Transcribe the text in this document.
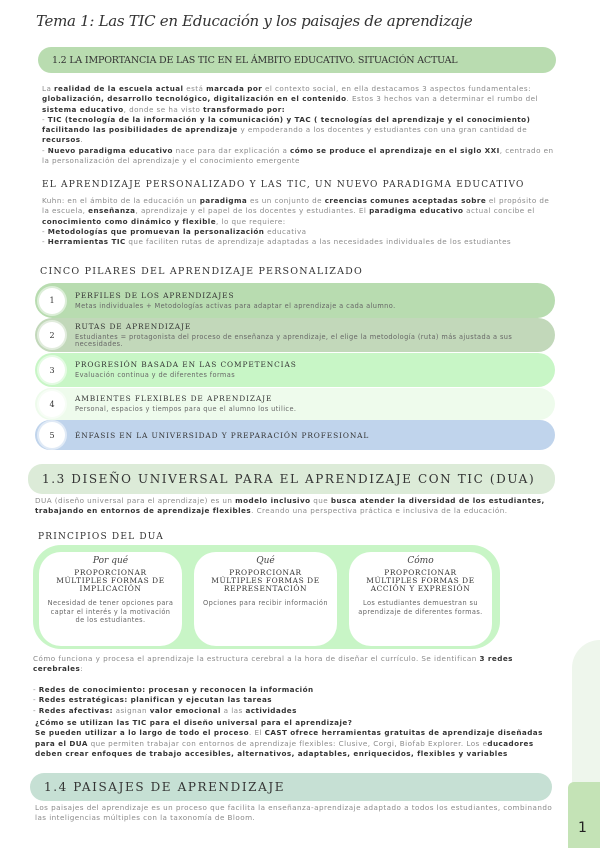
Tema 1: Las TIC en Educación y los paisajes de aprendizaje
1.2 LA IMPORTANCIA DE LAS TIC EN EL ÁMBITO EDUCATIVO. SITUACIÓN ACTUAL
La realidad de la escuela actual está marcada por el contexto social, en ella destacamos 3 aspectos fundamentales: globalización, desarrollo tecnológico, digitalización en el contenido. Estos 3 hechos van a determinar el rumbo del sistema educativo, donde se ha visto transformado por:
- TIC (tecnología de la información y la comunicación) y TAC ( tecnologías del aprendizaje y el conocimiento) facilitando las posibilidades de aprendizaje y empoderando a los docentes y estudiantes con una gran cantidad de recursos.
- Nuevo paradigma educativo nace para dar explicación a cómo se produce el aprendizaje en el siglo XXI, centrado en la personalización del aprendizaje y el conocimiento emergente
EL APRENDIZAJE PERSONALIZADO Y LAS TIC, UN NUEVO PARADIGMA EDUCATIVO
Kuhn: en el ámbito de la educación un paradigma es un conjunto de creencias comunes aceptadas sobre el propósito de la escuela, enseñanza, aprendizaje y el papel de los docentes y estudiantes. El paradigma educativo actual concibe el conocimiento como dinámico y flexible, lo que requiere:
- Metodologías que promuevan la personalización educativa
- Herramientas TIC que faciliten rutas de aprendizaje adaptadas a las necesidades individuales de los estudiantes
CINCO PILARES DEL APRENDIZAJE PERSONALIZADO
1
PERFILES DE LOS APRENDIZAJES
Metas individuales + Metodologías activas para adaptar el aprendizaje a cada alumno.
2
RUTAS DE APRENDIZAJE
Estudiantes = protagonista del proceso de enseñanza y aprendizaje, el elige la metodología (ruta) más ajustada a sus necesidades.
3
PROGRESIÓN BASADA EN LAS COMPETENCIAS
Evaluación continua y de diferentes formas
4
AMBIENTES FLEXIBLES DE APRENDIZAJE
Personal, espacios y tiempos para que el alumno los utilice.
5	ÉNFASIS EN LA UNIVERSIDAD Y PREPARACIÓN PROFESIONAL
1.3 DISEÑO UNIVERSAL PARA EL APRENDIZAJE CON TIC (DUA)
DUA (diseño universal para el aprendizaje) es un modelo inclusivo que busca atender la diversidad de los estudiantes, trabajando en entornos de aprendizaje flexibles. Creando una perspectiva práctica e inclusiva de la educación.
PRINCIPIOS DEL DUA
Por qué
PROPORCIONAR MÚLTIPLES FORMAS DE IMPLICACIÓN
Necesidad de tener opciones para captar el interés y la motivación de los estudiantes.
Qué
PROPORCIONAR MÚLTIPLES FORMAS DE REPRESENTACIÓN
Opciones para recibir información
Cómo
PROPORCIONAR MÚLTIPLES FORMAS DE ACCIÓN Y EXPRESIÓN
Los estudiantes demuestran su aprendizaje de diferentes formas.
Cómo funciona y procesa el aprendizaje la estructura cerebral a la hora de diseñar el currículo. Se identifican 3 redes cerebrales:
- Redes de conocimiento: procesan y reconocen la información
- Redes estratégicas: planifican y ejecutan las tareas
- Redes afectivas: asignan valor emocional a las actividades
¿Cómo se utilizan las TIC para el diseño universal para el aprendizaje?
Se pueden utilizar a lo largo de todo el proceso. El CAST ofrece herramientas gratuitas de aprendizaje diseñadas para el DUA que permiten trabajar con entornos de aprendizaje flexibles: Clusive, Corgi, Biofab Explorer. Los educadores deben crear enfoques de trabajo accesibles, alternativos, adaptables, enriquecidos, flexibles y variables
1.4 PAISAJES DE APRENDIZAJE
Los paisajes del aprendizaje es un proceso que facilita la enseñanza-aprendizaje adaptado a todos los estudiantes, combinando las inteligencias múltiples con la taxonomía de Bloom.
1
